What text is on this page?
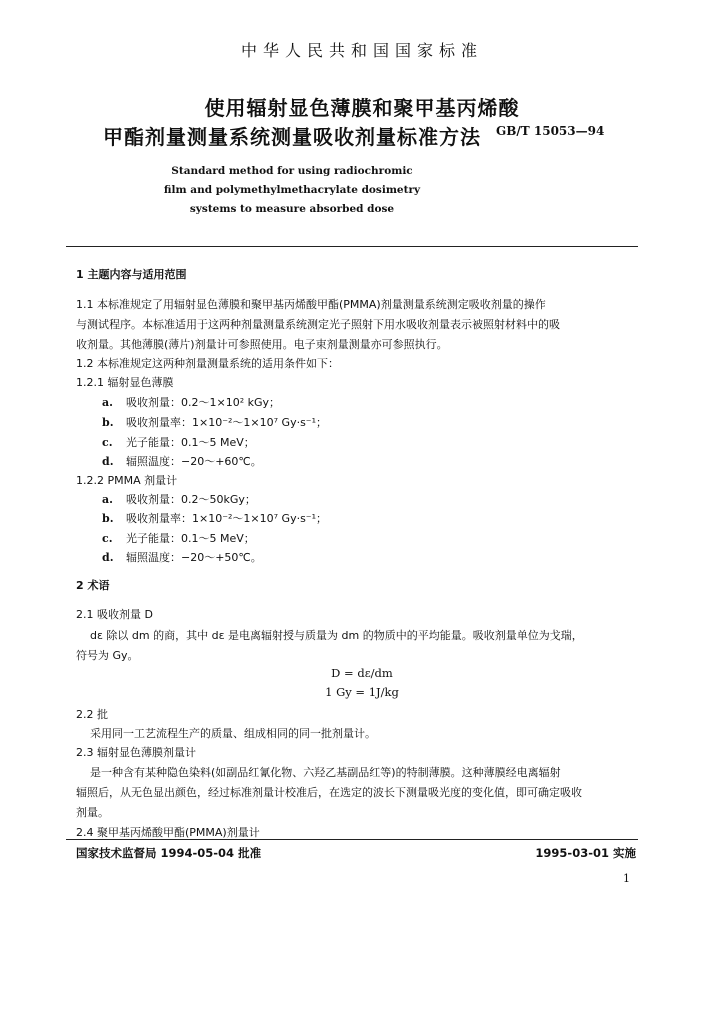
中华人民共和国国家标准
使用辐射显色薄膜和聚甲基丙烯酸
甲酯剂量测量系统测量吸收剂量标准方法	GB/T 15053—94
Standard method for using radiochromic
film and polymethylmethacrylate dosimetry
systems to measure absorbed dose
1 主题内容与适用范围
1.1 本标准规定了用辐射显色薄膜和聚甲基丙烯酸甲酯(PMMA)剂量测量系统测定吸收剂量的操作
与测试程序。本标准适用于这两种剂量测量系统测定光子照射下用水吸收剂量表示被照射材料中的吸
收剂量。其他薄膜(薄片)剂量计可参照使用。电子束剂量测量亦可参照执行。
1.2 本标准规定这两种剂量测量系统的适用条件如下：
1.2.1 辐射显色薄膜
a. 吸收剂量：0.2～1×10² kGy；
b. 吸收剂量率：1×10⁻²～1×10⁷ Gy·s⁻¹；
c. 光子能量：0.1～5 MeV；
d. 辐照温度：−20～+60℃。
1.2.2 PMMA 剂量计
a. 吸收剂量：0.2～50kGy；
b. 吸收剂量率：1×10⁻²～1×10⁷ Gy·s⁻¹；
c. 光子能量：0.1～5 MeV；
d. 辐照温度：−20～+50℃。
2 术语
2.1 吸收剂量 D
dε 除以 dm 的商，其中 dε 是电离辐射授与质量为 dm 的物质中的平均能量。吸收剂量单位为戈瑞，
符号为 Gy。
D = dε/dm
1 Gy = 1J/kg
2.2 批
采用同一工艺流程生产的质量、组成相同的同一批剂量计。
2.3 辐射显色薄膜剂量计
是一种含有某种隐色染料(如副品红氰化物、六羟乙基副品红等)的特制薄膜。这种薄膜经电离辐射
辐照后，从无色显出颜色，经过标准剂量计校准后，在选定的波长下测量吸光度的变化值，即可确定吸收
剂量。
2.4 聚甲基丙烯酸甲酯(PMMA)剂量计
国家技术监督局 1994-05-04 批准	1995-03-01 实施
1
